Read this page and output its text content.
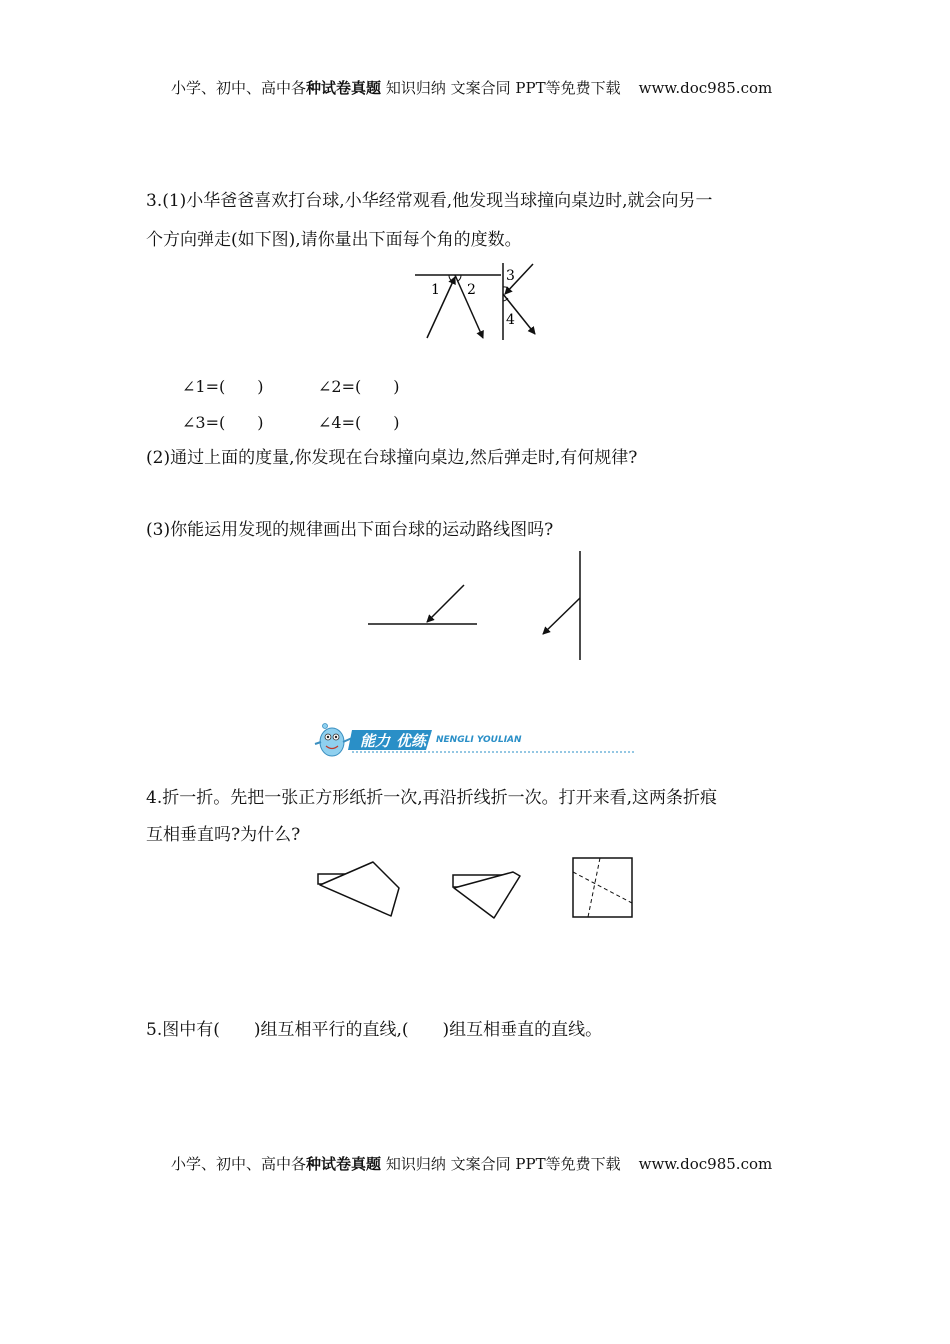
小学、初中、高中各种试卷真题 知识归纳 文案合同 PPT等免费下载 www.doc985.com
3.(1)小华爸爸喜欢打台球,小华经常观看,他发现当球撞向桌边时,就会向另一
个方向弹走(如下图),请你量出下面每个角的度数。
1 2
3
4
∠1=(　　)	∠2=(　　)
∠3=(　　)	∠4=(　　)
(2)通过上面的度量,你发现在台球撞向桌边,然后弹走时,有何规律?
(3)你能运用发现的规律画出下面台球的运动路线图吗?
能力 优练 NENGLI YOULIAN
4.折一折。先把一张正方形纸折一次,再沿折线折一次。打开来看,这两条折痕
互相垂直吗?为什么?
5.图中有(　　)组互相平行的直线,(　　)组互相垂直的直线。
小学、初中、高中各种试卷真题 知识归纳 文案合同 PPT等免费下载 www.doc985.com
